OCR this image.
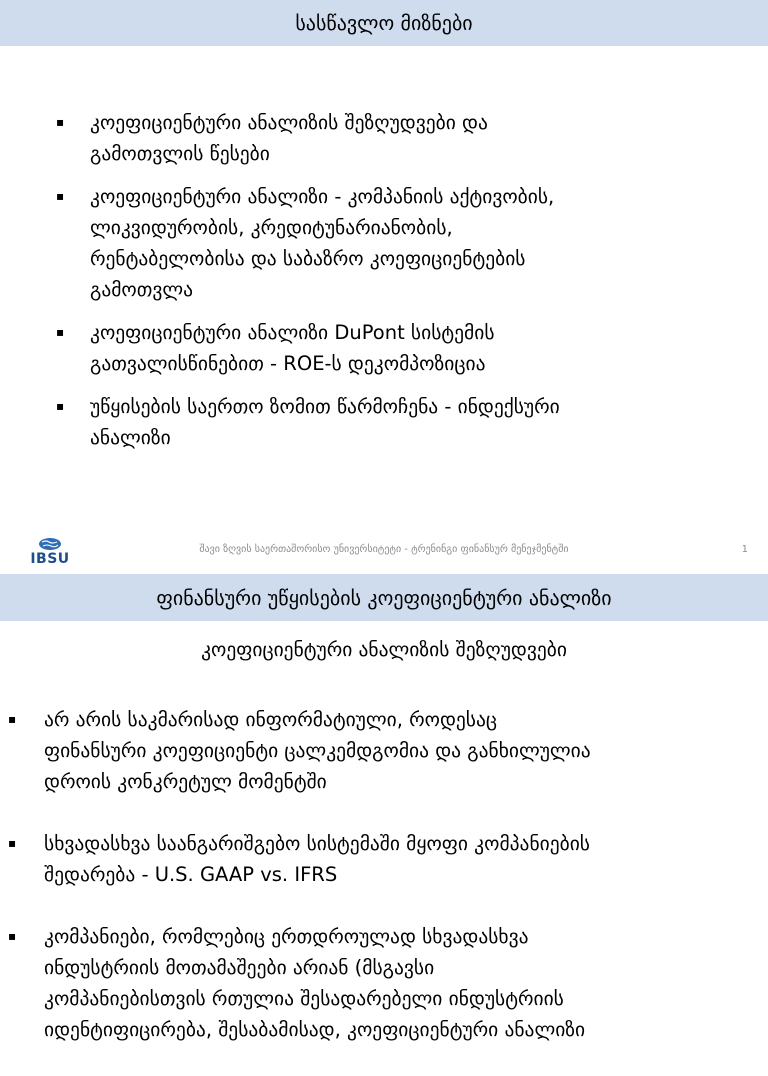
სასწავლო მიზნები
▪ კოეფიციენტური ანალიზის შეზღუდვები და
გამოთვლის წესები
▪ კოეფიციენტური ანალიზი - კომპანიის აქტივობის,
ლიკვიდურობის, კრედიტუნარიანობის,
რენტაბელობისა და საბაზრო კოეფიციენტების
გამოთვლა
▪ კოეფიციენტური ანალიზი DuPont სისტემის
გათვალისწინებით - ROE-ს დეკომპოზიცია
▪ უწყისების საერთო ზომით წარმოჩენა - ინდექსური
ანალიზი
IBSU
შავი ზღვის საერთაშორისო უნივერსიტეტი - ტრენინგი ფინანსურ მენეჯმენტში	1
ფინანსური უწყისების კოეფიციენტური ანალიზი
კოეფიციენტური ანალიზის შეზღუდვები
▪ არ არის საკმარისად ინფორმატიული, როდესაც
ფინანსური კოეფიციენტი ცალკემდგომია და განხილულია
დროის კონკრეტულ მომენტში
▪ სხვადასხვა საანგარიშგებო სისტემაში მყოფი კომპანიების
შედარება - U.S. GAAP vs. IFRS
▪ კომპანიები, რომლებიც ერთდროულად სხვადასხვა
ინდუსტრიის მოთამაშეები არიან (მსგავსი
კომპანიებისთვის რთულია შესადარებელი ინდუსტრიის
იდენტიფიცირება, შესაბამისად, კოეფიციენტური ანალიზი
